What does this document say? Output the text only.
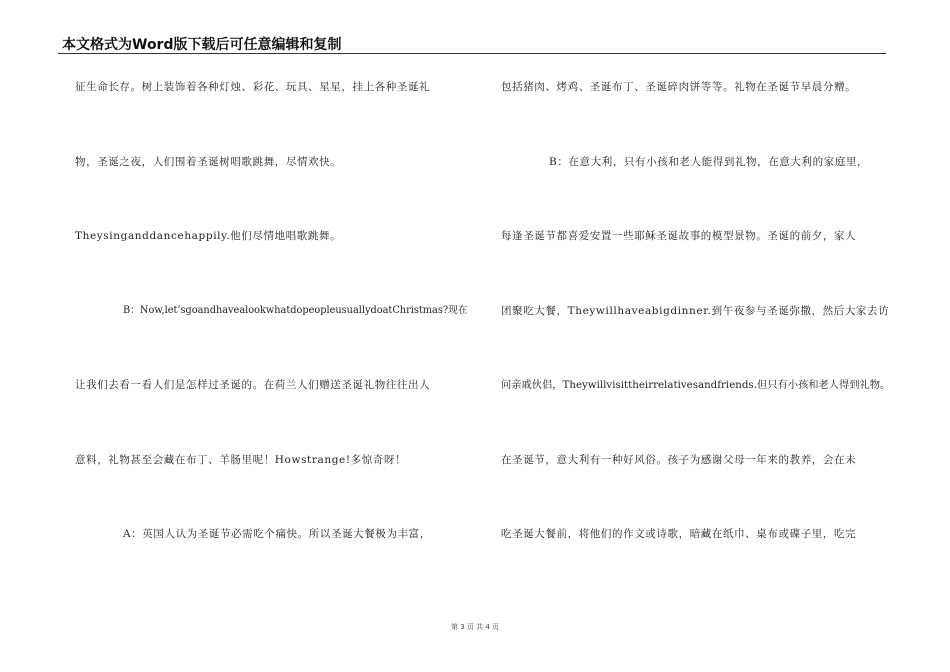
本文格式为Word版下载后可任意编辑和复制
征生命长存。树上装饰着各种灯烛、彩花、玩具、星星，挂上各种圣诞礼
物，圣诞之夜，人们围着圣诞树唱歌跳舞，尽情欢快。
Theysinganddancehappily.他们尽情地唱歌跳舞。
B：Now,let’sgoandhavealookwhatdopeopleusuallydoatChristmas?现在
让我们去看一看人们是怎样过圣诞的。在荷兰人们赠送圣诞礼物往往出人
意料，礼物甚至会藏在布丁、羊肠里呢！Howstrange!多惊奇呀！
A：英国人认为圣诞节必需吃个痛快。所以圣诞大餐极为丰富，
包括猪肉、烤鸡、圣诞布丁、圣诞碎肉饼等等。礼物在圣诞节早晨分赠。
B：在意大利，只有小孩和老人能得到礼物，在意大利的家庭里，
每逢圣诞节都喜爱安置一些耶稣圣诞故事的模型景物。圣诞的前夕，家人
团聚吃大餐，Theywillhaveabigdinner.到午夜参与圣诞弥撒，然后大家去访
问亲戚伙侣，Theywillvisittheirrelativesandfriends.但只有小孩和老人得到礼物。
在圣诞节，意大利有一种好风俗。孩子为感谢父母一年来的教养，会在未
吃圣诞大餐前，将他们的作文或诗歌，暗藏在纸巾、桌布或碟子里，吃完
第 3 页 共 4 页
